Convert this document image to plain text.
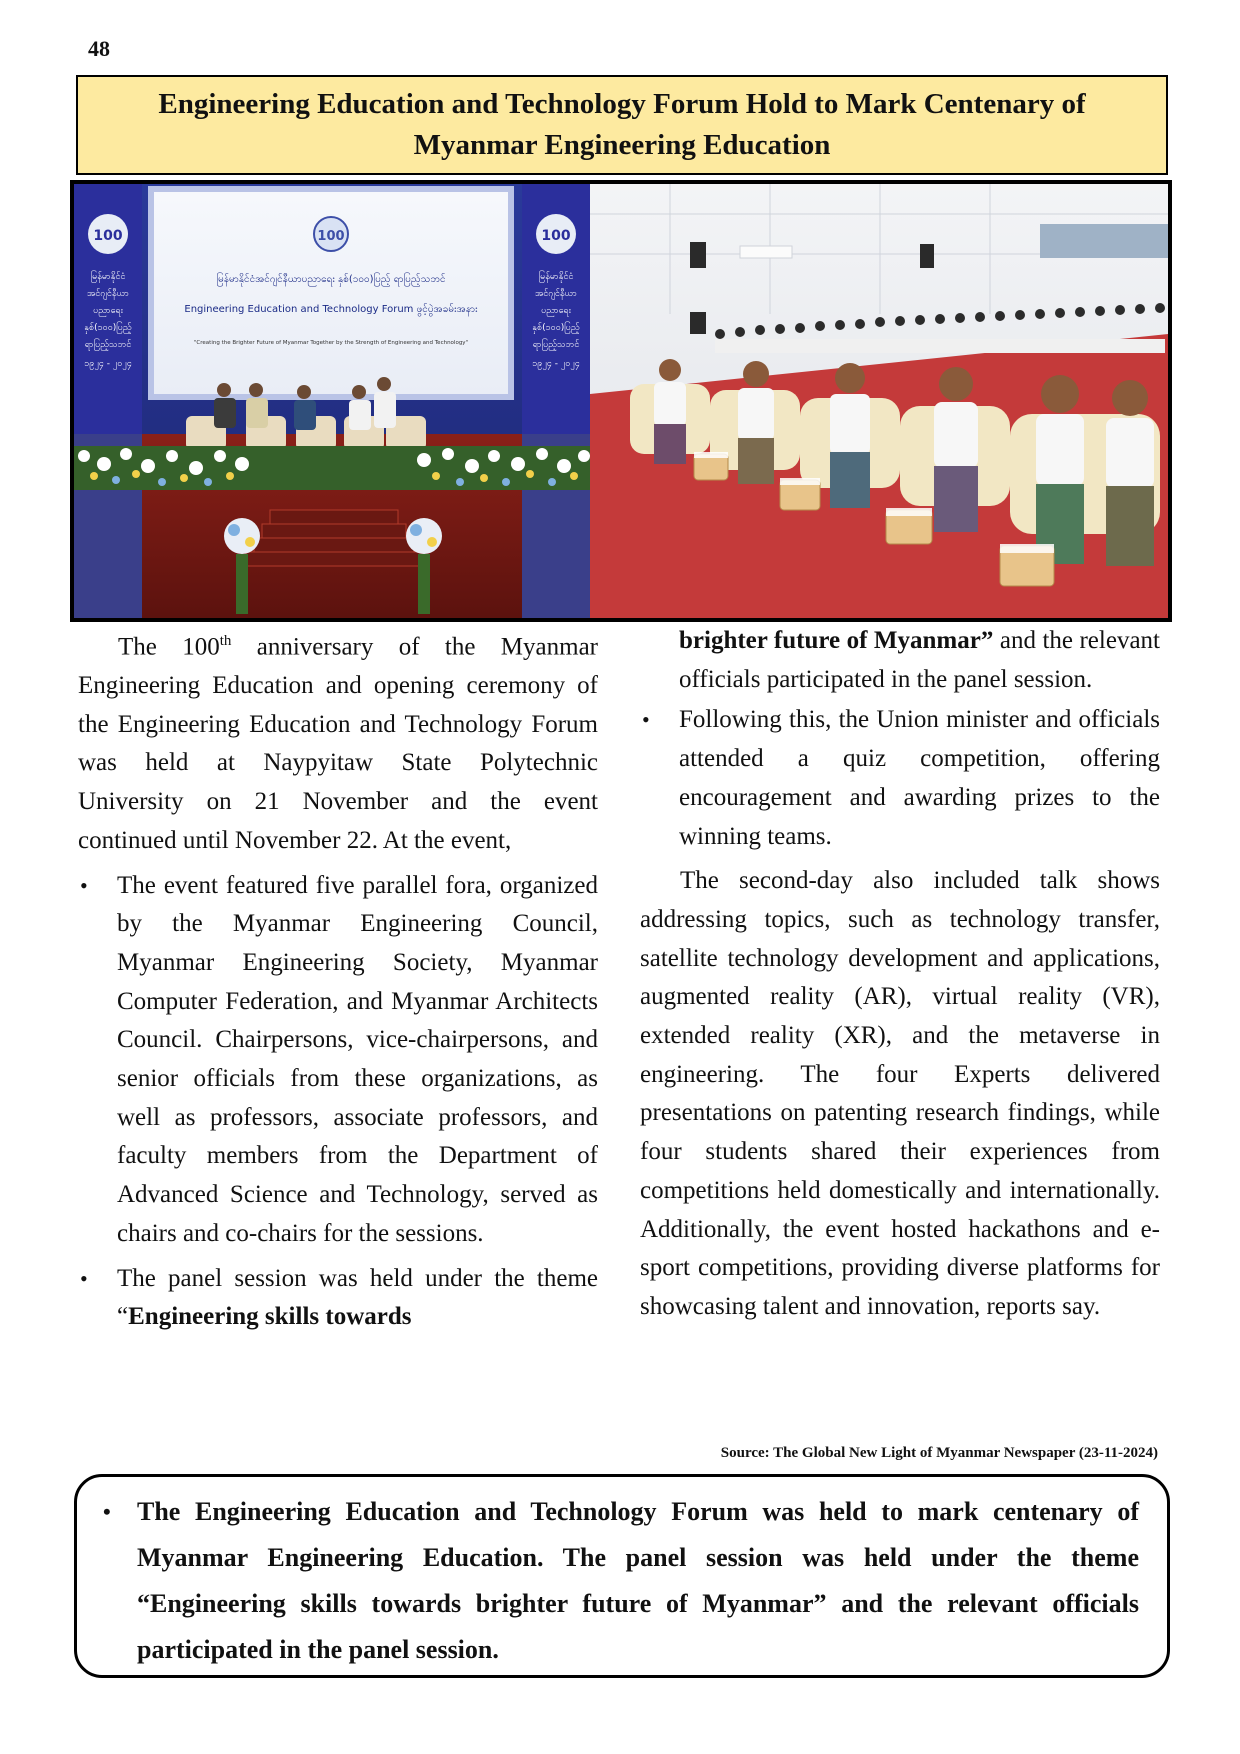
48
Engineering Education and Technology Forum Hold to Mark Centenary of Myanmar Engineering Education
100	100
မြန်မာနိုင်ငံ
အင်ဂျင်နီယာ
ပညာရေး
နှစ်(၁၀၀)ပြည့်
ရာပြည့်သဘင်
၁၉၂၄ - ၂၀၂၄
မြန်မာနိုင်ငံ
အင်ဂျင်နီယာ
ပညာရေး
နှစ်(၁၀၀)ပြည့်
ရာပြည့်သဘင်
၁၉၂၄ - ၂၀၂၄
100
မြန်မာနိုင်ငံအင်ဂျင်နီယာပညာရေး နှစ်(၁၀၀)ပြည့် ရာပြည့်သဘင်
Engineering Education and Technology Forum ဖွင့်ပွဲအခမ်းအနား
"Creating the Brighter Future of Myanmar Together by the Strength of Engineering and Technology"

The 100th anniversary of the Myanmar Engineering Education and opening ceremony of the Engineering Education and Technology Forum was held at Naypyitaw State Polytechnic University on 21 November and the event continued until November 22. At the event,

• The event featured five parallel fora, organized by the Myanmar Engineering Council, Myanmar Engineering Society, Myanmar Computer Federation, and Myanmar Architects Council. Chairpersons, vice-chairpersons, and senior officials from these organizations, as well as professors, associate professors, and faculty members from the Department of Advanced Science and Technology, served as chairs and co-chairs for the sessions.
• The panel session was held under the theme “Engineering skills towards

brighter future of Myanmar” and the relevant officials participated in the panel session.

• Following this, the Union minister and officials attended a quiz competition, offering encouragement and awarding prizes to the winning teams.

The second-day also included talk shows addressing topics, such as technology transfer, satellite technology development and applications, augmented reality (AR), virtual reality (VR), extended reality (XR), and the metaverse in engineering. The four Experts delivered presentations on patenting research findings, while four students shared their experiences from competitions held domestically and internationally. Additionally, the event hosted hackathons and e-sport competitions, providing diverse platforms for showcasing talent and innovation, reports say.

Source: The Global New Light of Myanmar Newspaper (23-11-2024)
• The Engineering Education and Technology Forum was held to mark centenary of Myanmar Engineering Education. The panel session was held under the theme “Engineering skills towards brighter future of Myanmar” and the relevant officials participated in the panel session.
